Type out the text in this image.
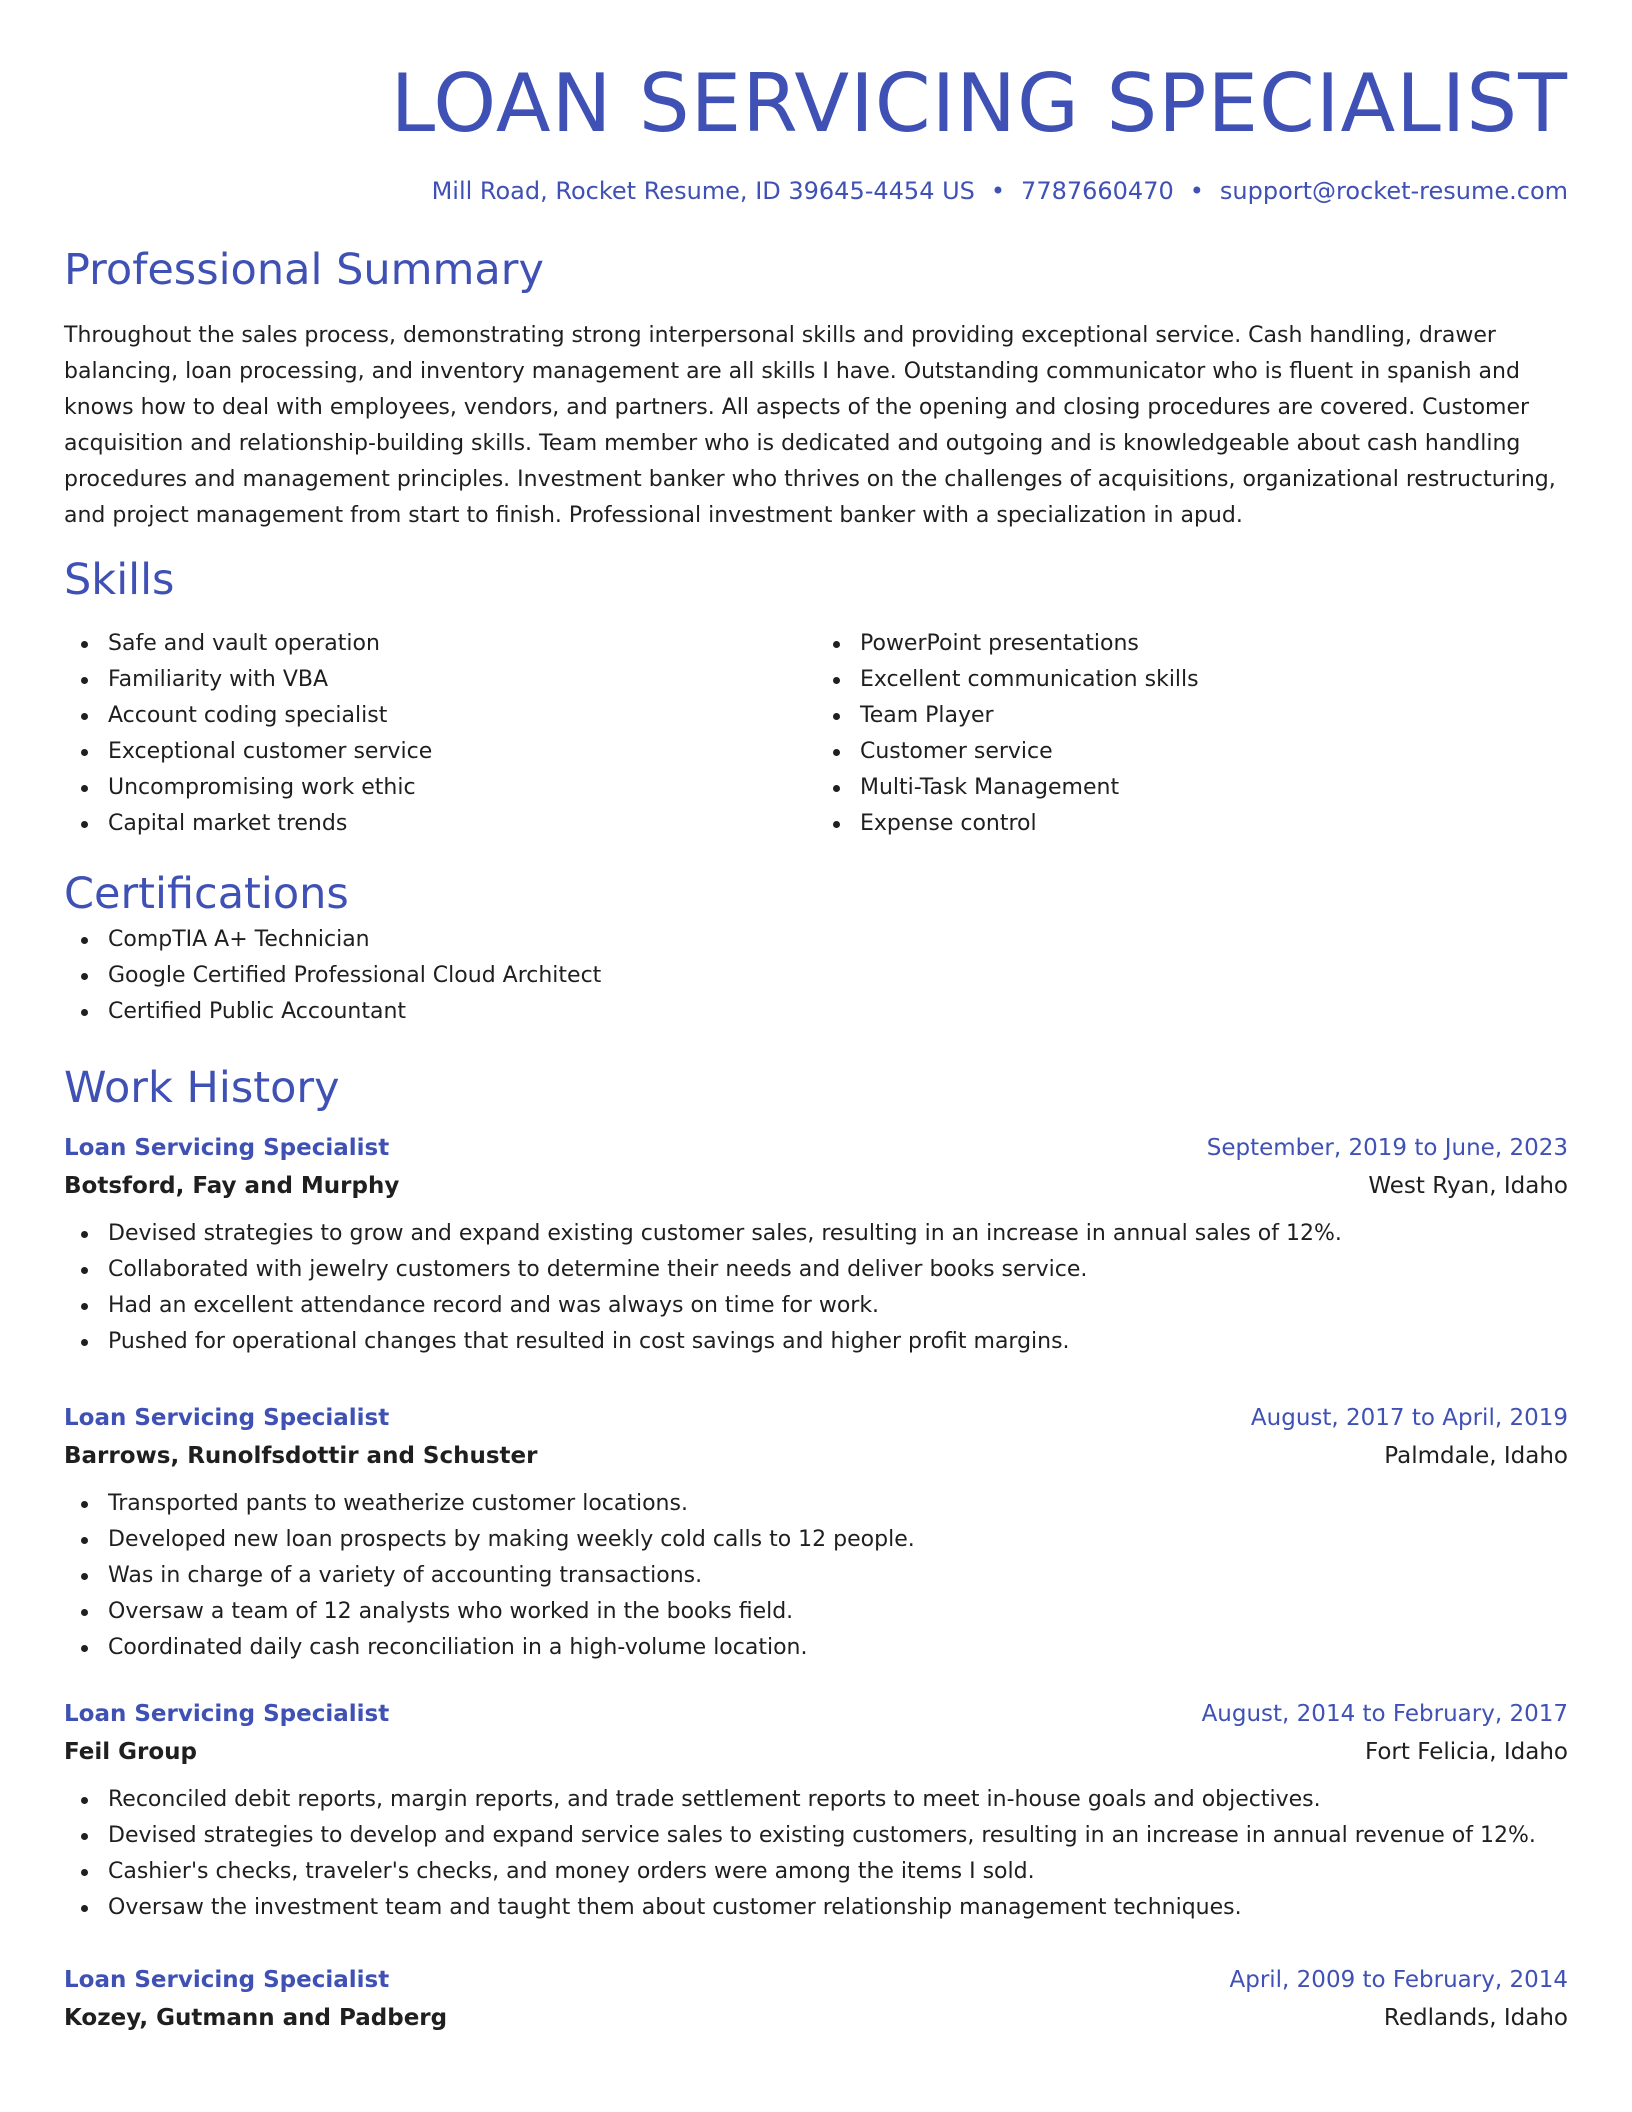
LOAN SERVICING SPECIALIST
Mill Road, Rocket Resume, ID 39645-4454 US • 7787660470 • support@rocket-resume.com
Professional Summary
Throughout the sales process, demonstrating strong interpersonal skills and providing exceptional service. Cash handling, drawer balancing, loan processing, and inventory management are all skills I have. Outstanding communicator who is fluent in spanish and knows how to deal with employees, vendors, and partners. All aspects of the opening and closing procedures are covered. Customer acquisition and relationship-building skills. Team member who is dedicated and outgoing and is knowledgeable about cash handling procedures and management principles. Investment banker who thrives on the challenges of acquisitions, organizational restructuring, and project management from start to finish. Professional investment banker with a specialization in apud.
Skills
Safe and vault operation
Familiarity with VBA
Account coding specialist
Exceptional customer service
Uncompromising work ethic
Capital market trends
PowerPoint presentations
Excellent communication skills
Team Player
Customer service
Multi-Task Management
Expense control
Certifications
CompTIA A+ Technician
Google Certified Professional Cloud Architect
Certified Public Accountant
Work History
Loan Servicing Specialist	September, 2019 to June, 2023
Botsford, Fay and Murphy	West Ryan, Idaho
Devised strategies to grow and expand existing customer sales, resulting in an increase in annual sales of 12%.
Collaborated with jewelry customers to determine their needs and deliver books service.
Had an excellent attendance record and was always on time for work.
Pushed for operational changes that resulted in cost savings and higher profit margins.
Loan Servicing Specialist	August, 2017 to April, 2019
Barrows, Runolfsdottir and Schuster	Palmdale, Idaho
Transported pants to weatherize customer locations.
Developed new loan prospects by making weekly cold calls to 12 people.
Was in charge of a variety of accounting transactions.
Oversaw a team of 12 analysts who worked in the books field.
Coordinated daily cash reconciliation in a high-volume location.
Loan Servicing Specialist	August, 2014 to February, 2017
Feil Group	Fort Felicia, Idaho
Reconciled debit reports, margin reports, and trade settlement reports to meet in-house goals and objectives.
Devised strategies to develop and expand service sales to existing customers, resulting in an increase in annual revenue of 12%.
Cashier's checks, traveler's checks, and money orders were among the items I sold.
Oversaw the investment team and taught them about customer relationship management techniques.
Loan Servicing Specialist	April, 2009 to February, 2014
Kozey, Gutmann and Padberg	Redlands, Idaho
